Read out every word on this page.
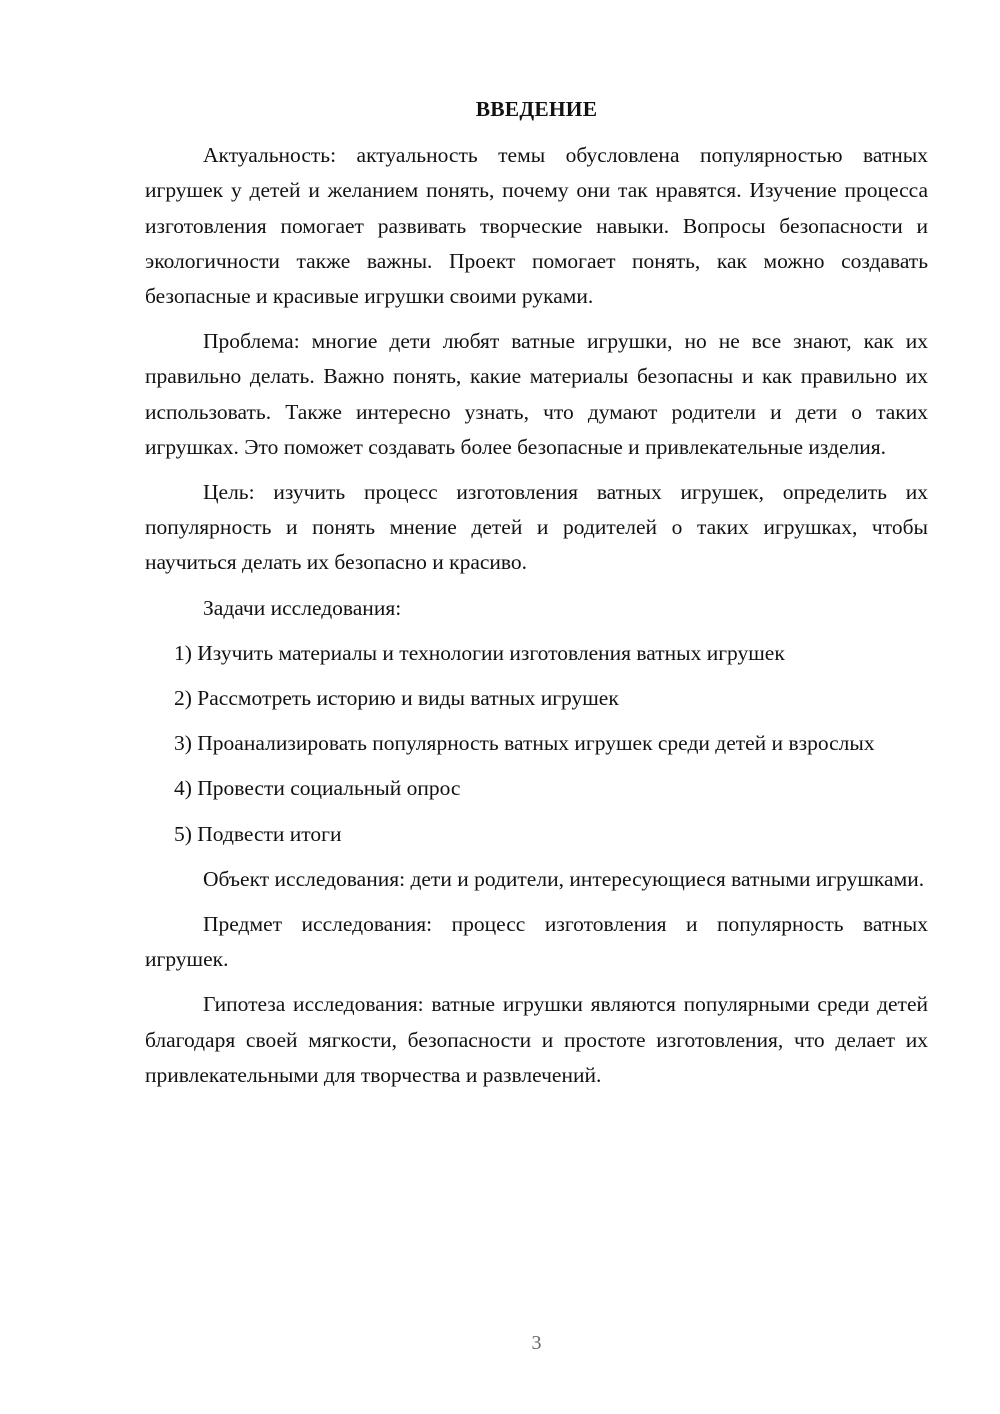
ВВЕДЕНИЕ

Актуальность: актуальность темы обусловлена популярностью ватных игрушек у детей и желанием понять, почему они так нравятся. Изучение процесса изготовления помогает развивать творческие навыки. Вопросы безопасности и экологичности также важны. Проект помогает понять, как можно создавать безопасные и красивые игрушки своими руками.

Проблема: многие дети любят ватные игрушки, но не все знают, как их правильно делать. Важно понять, какие материалы безопасны и как правильно их использовать. Также интересно узнать, что думают родители и дети о таких игрушках. Это поможет создавать более безопасные и привлекательные изделия.

Цель: изучить процесс изготовления ватных игрушек, определить их популярность и понять мнение детей и родителей о таких игрушках, чтобы научиться делать их безопасно и красиво.

Задачи исследования:

1) Изучить материалы и технологии изготовления ватных игрушек

2) Рассмотреть историю и виды ватных игрушек

3) Проанализировать популярность ватных игрушек среди детей и взрослых

4) Провести социальный опрос

5) Подвести итоги

Объект исследования: дети и родители, интересующиеся ватными игрушками.

Предмет исследования: процесс изготовления и популярность ватных игрушек.

Гипотеза исследования: ватные игрушки являются популярными среди детей благодаря своей мягкости, безопасности и простоте изготовления, что делает их привлекательными для творчества и развлечений.

3
